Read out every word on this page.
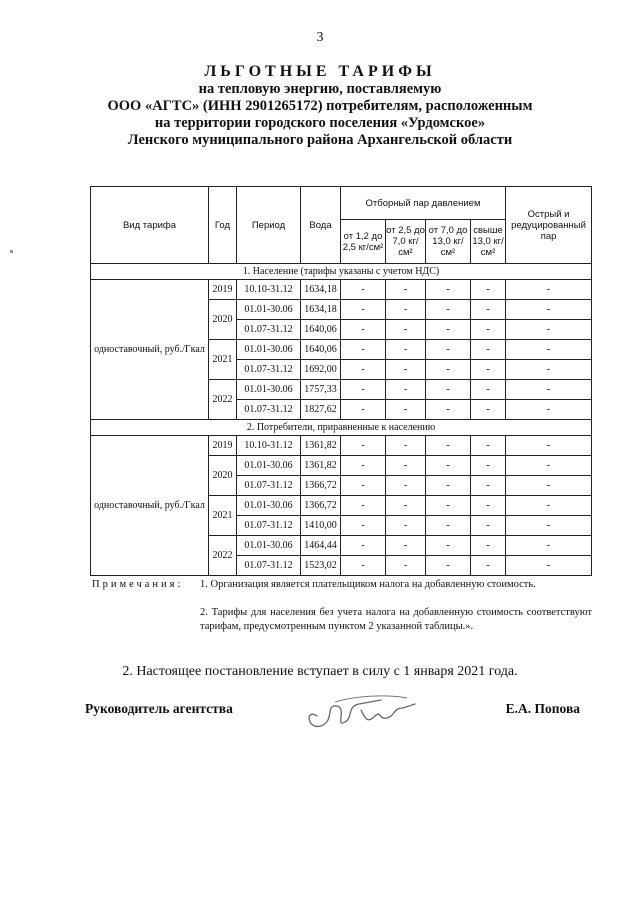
3
ЛЬГОТНЫЕ ТАРИФЫ
на тепловую энергию, поставляемую
ООО «АГТС» (ИНН 2901265172) потребителям, расположенным
на территории городского поселения «Урдомское»
Ленского муниципального района Архангельской области
Вид тарифа	Год	Период	Вода	Отборный пар давлением				Острый и редуцированный пар
				от 1,2 до 2,5 кг/см²	от 2,5 до 7,0 кг/см²	от 7,0 до 13,0 кг/см²	свыше 13,0 кг/см²	
1. Население (тарифы указаны с учетом НДС)								
одноставочный, руб./Гкал	2019	10.10-31.12	1634,18	-	-	-	-	-
	2020	01.01-30.06	1634,18	-	-	-	-	-
		01.07-31.12	1640,06	-	-	-	-	-
	2021	01.01-30.06	1640,06	-	-	-	-	-
		01.07-31.12	1692,00	-	-	-	-	-
	2022	01.01-30.06	1757,33	-	-	-	-	-
		01.07-31.12	1827,62	-	-	-	-	-
2. Потребители, приравненные к населению								
одноставочный, руб./Гкал	2019	10.10-31.12	1361,82	-	-	-	-	-
	2020	01.01-30.06	1361,82	-	-	-	-	-
		01.07-31.12	1366,72	-	-	-	-	-
	2021	01.01-30.06	1366,72	-	-	-	-	-
		01.07-31.12	1410,00	-	-	-	-	-
	2022	01.01-30.06	1464,44	-	-	-	-	-
		01.07-31.12	1523,02	-	-	-	-	-
Примечания: 1. Организация является плательщиком налога на добавленную стоимость.
2. Тарифы для населения без учета налога на добавленную стоимость соответствуют тарифам, предусмотренным пунктом 2 указанной таблицы.».
2. Настоящее постановление вступает в силу с 1 января 2021 года.
Руководитель агентства	Е.А. Попова
